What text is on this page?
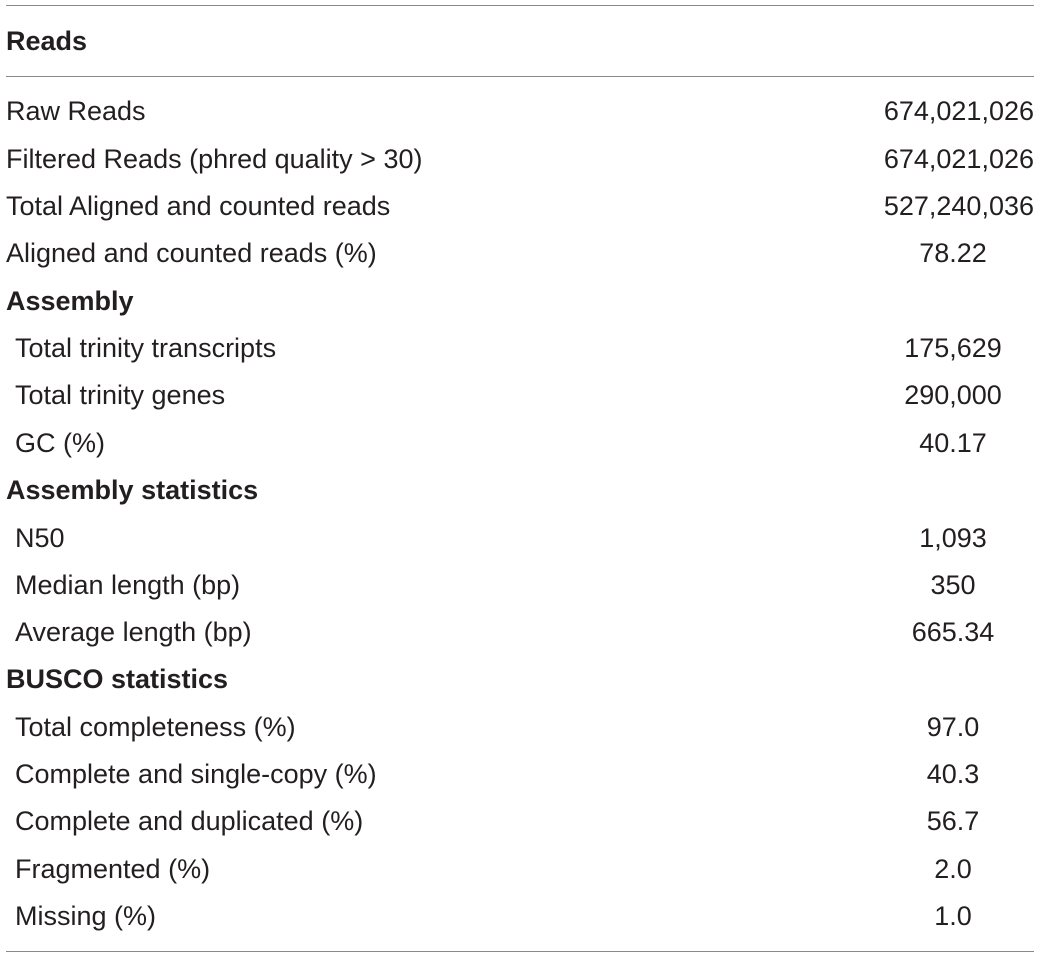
Reads
Raw Reads	674,021,026
Filtered Reads (phred quality > 30)	674,021,026
Total Aligned and counted reads	527,240,036
Aligned and counted reads (%)	78.22
Assembly
Total trinity transcripts	175,629
Total trinity genes	290,000
GC (%)	40.17
Assembly statistics
N50	1,093
Median length (bp)	350
Average length (bp)	665.34
BUSCO statistics
Total completeness (%)	97.0
Complete and single-copy (%)	40.3
Complete and duplicated (%)	56.7
Fragmented (%)	2.0
Missing (%)	1.0
